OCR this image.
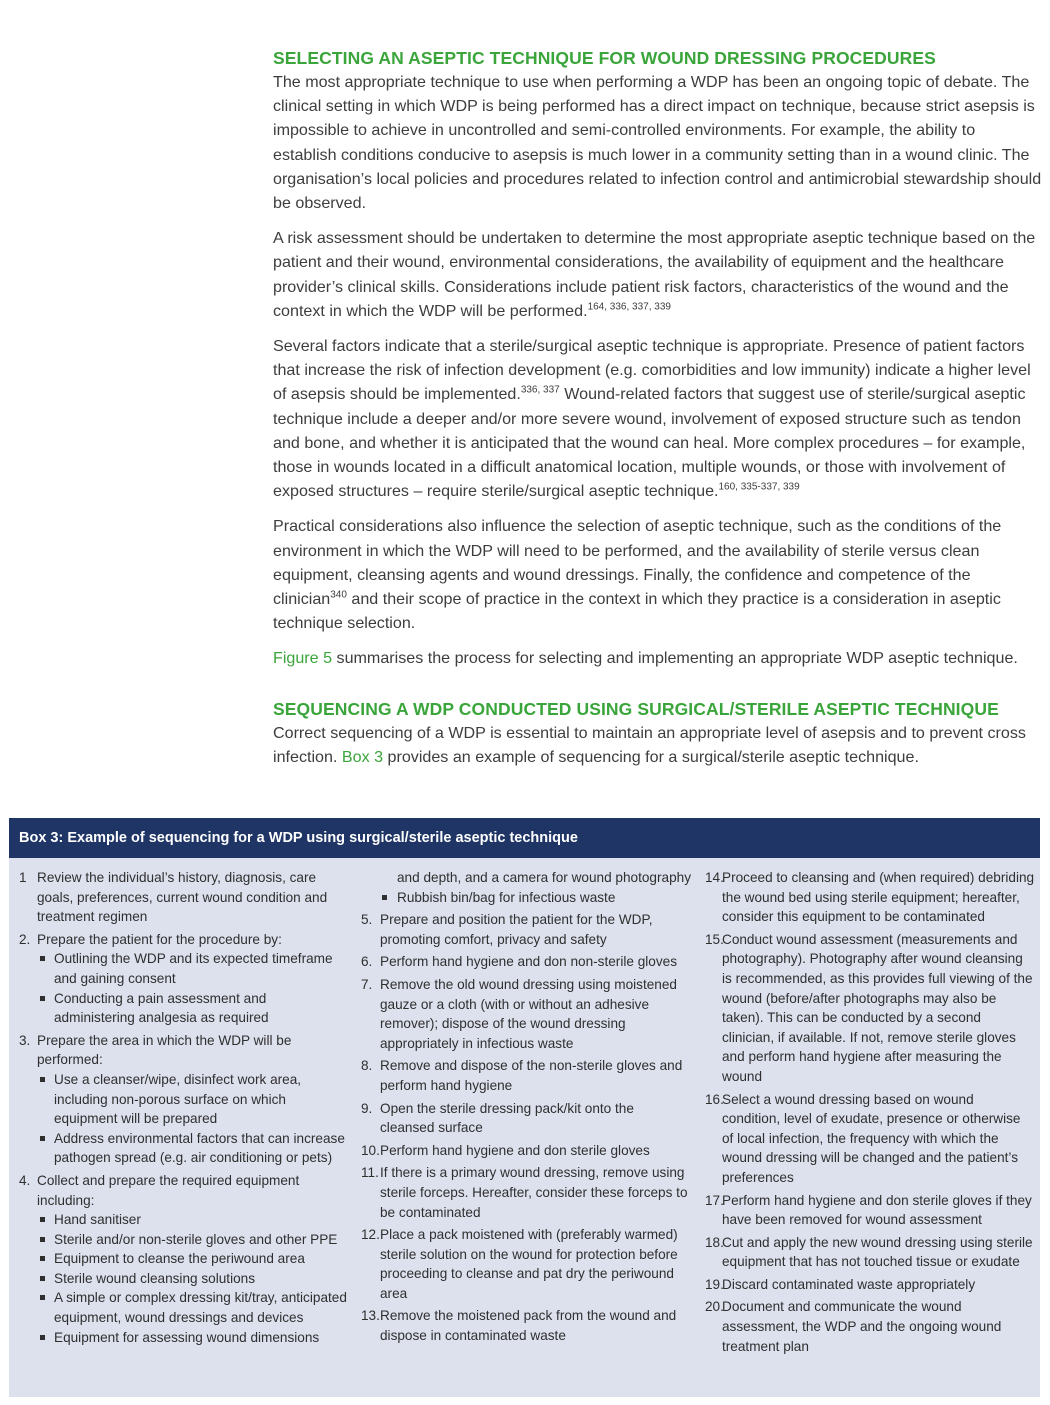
SELECTING AN ASEPTIC TECHNIQUE FOR WOUND DRESSING PROCEDURES

The most appropriate technique to use when performing a WDP has been an ongoing topic of debate. The clinical setting in which WDP is being performed has a direct impact on technique, because strict asepsis is impossible to achieve in uncontrolled and semi-controlled environments. For example, the ability to establish conditions conducive to asepsis is much lower in a community setting than in a wound clinic. The organisation’s local policies and procedures related to infection control and antimicrobial stewardship should be observed.

A risk assessment should be undertaken to determine the most appropriate aseptic technique based on the patient and their wound, environmental considerations, the availability of equipment and the healthcare provider’s clinical skills. Considerations include patient risk factors, characteristics of the wound and the context in which the WDP will be performed.$^{164, 336, 337, 339}$

Several factors indicate that a sterile/surgical aseptic technique is appropriate. Presence of patient factors that increase the risk of infection development (e.g. comorbidities and low immunity) indicate a higher level of asepsis should be implemented.$^{336, 337}$ Wound-related factors that suggest use of sterile/surgical aseptic technique include a deeper and/or more severe wound, involvement of exposed structure such as tendon and bone, and whether it is anticipated that the wound can heal. More complex procedures – for example, those in wounds located in a difficult anatomical location, multiple wounds, or those with involvement of exposed structures – require sterile/surgical aseptic technique.$^{160, 335-337, 339}$

Practical considerations also influence the selection of aseptic technique, such as the conditions of the environment in which the WDP will need to be performed, and the availability of sterile versus clean equipment, cleansing agents and wound dressings. Finally, the confidence and competence of the clinician$^{340}$ and their scope of practice in the context in which they practice is a consideration in aseptic technique selection.

Figure 5 summarises the process for selecting and implementing an appropriate WDP aseptic technique.

SEQUENCING A WDP CONDUCTED USING SURGICAL/STERILE ASEPTIC TECHNIQUE

Correct sequencing of a WDP is essential to maintain an appropriate level of asepsis and to prevent cross infection. Box 3 provides an example of sequencing for a surgical/sterile aseptic technique.

Box 3: Example of sequencing for a WDP using surgical/sterile aseptic technique
1 Review the individual’s history, diagnosis, care goals, preferences, current wound condition and treatment regimen
2. Prepare the patient for the procedure by:
Outlining the WDP and its expected timeframe and gaining consent
Conducting a pain assessment and administering analgesia as required
3. Prepare the area in which the WDP will be performed:
Use a cleanser/wipe, disinfect work area, including non-porous surface on which equipment will be prepared
Address environmental factors that can increase pathogen spread (e.g. air conditioning or pets)
4. Collect and prepare the required equipment including:
Hand sanitiser
Sterile and/or non-sterile gloves and other PPE
Equipment to cleanse the periwound area
Sterile wound cleansing solutions
A simple or complex dressing kit/tray, anticipated equipment, wound dressings and devices
Equipment for assessing wound dimensions
and depth, and a camera for wound photography
Rubbish bin/bag for infectious waste
5. Prepare and position the patient for the WDP, promoting comfort, privacy and safety
6. Perform hand hygiene and don non-sterile gloves
7. Remove the old wound dressing using moistened gauze or a cloth (with or without an adhesive remover); dispose of the wound dressing appropriately in infectious waste
8. Remove and dispose of the non-sterile gloves and perform hand hygiene
9. Open the sterile dressing pack/kit onto the cleansed surface
10. Perform hand hygiene and don sterile gloves
11. If there is a primary wound dressing, remove using sterile forceps. Hereafter, consider these forceps to be contaminated
12. Place a pack moistened with (preferably warmed) sterile solution on the wound for protection before proceeding to cleanse and pat dry the periwound area
13. Remove the moistened pack from the wound and dispose in contaminated waste
14.
Proceed to cleansing and (when required) debriding the wound bed using sterile equipment; hereafter, consider this equipment to be contaminated
15.
Conduct wound assessment (measurements and photography). Photography after wound cleansing is recommended, as this provides full viewing of the wound (before/after photographs may also be taken). This can be conducted by a second clinician, if available. If not, remove sterile gloves and perform hand hygiene after measuring the wound
16.
Select a wound dressing based on wound condition, level of exudate, presence or otherwise of local infection, the frequency with which the wound dressing will be changed and the patient’s preferences
17.
Perform hand hygiene and don sterile gloves if they have been removed for wound assessment
18.
Cut and apply the new wound dressing using sterile equipment that has not touched tissue or exudate
19.
Discard contaminated waste appropriately
20.
Document and communicate the wound assessment, the WDP and the ongoing wound treatment plan
